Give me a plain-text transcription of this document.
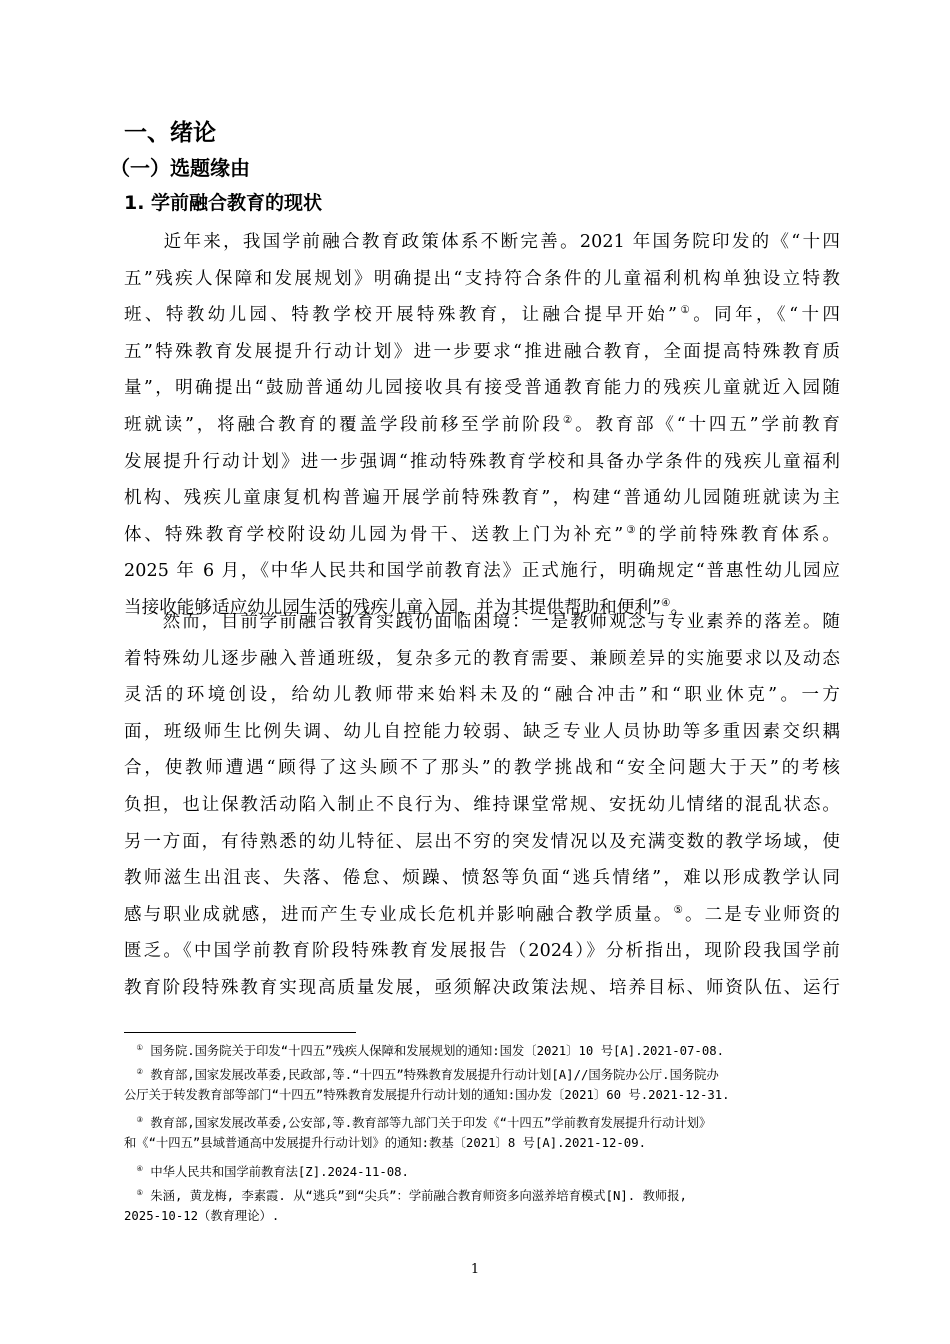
一、绪论
（一）选题缘由
1. 学前融合教育的现状
　　近年来，我国学前融合教育政策体系不断完善。2021 年国务院印发的《“十四
五”残疾人保障和发展规划》明确提出“支持符合条件的儿童福利机构单独设立特教
班、特教幼儿园、特教学校开展特殊教育，让融合提早开始”①。同年，《“十四
五”特殊教育发展提升行动计划》进一步要求“推进融合教育，全面提高特殊教育质
量”，明确提出“鼓励普通幼儿园接收具有接受普通教育能力的残疾儿童就近入园随
班就读”，将融合教育的覆盖学段前移至学前阶段②。教育部《“十四五”学前教育
发展提升行动计划》进一步强调“推动特殊教育学校和具备办学条件的残疾儿童福利
机构、残疾儿童康复机构普遍开展学前特殊教育”，构建“普通幼儿园随班就读为主
体、特殊教育学校附设幼儿园为骨干、送教上门为补充”③的学前特殊教育体系。
2025 年 6 月，《中华人民共和国学前教育法》正式施行，明确规定“普惠性幼儿园应
当接收能够适应幼儿园生活的残疾儿童入园，并为其提供帮助和便利”④。
　　然而，目前学前融合教育实践仍面临困境：一是教师观念与专业素养的落差。随
着特殊幼儿逐步融入普通班级，复杂多元的教育需要、兼顾差异的实施要求以及动态
灵活的环境创设，给幼儿教师带来始料未及的“融合冲击”和“职业休克”。一方
面，班级师生比例失调、幼儿自控能力较弱、缺乏专业人员协助等多重因素交织耦
合，使教师遭遇“顾得了这头顾不了那头”的教学挑战和“安全问题大于天”的考核
负担，也让保教活动陷入制止不良行为、维持课堂常规、安抚幼儿情绪的混乱状态。
另一方面，有待熟悉的幼儿特征、层出不穷的突发情况以及充满变数的教学场域，使
教师滋生出沮丧、失落、倦怠、烦躁、愤怒等负面“逃兵情绪”，难以形成教学认同
感与职业成就感，进而产生专业成长危机并影响融合教学质量。⑤。二是专业师资的
匮乏。《中国学前教育阶段特殊教育发展报告（2024）》分析指出，现阶段我国学前
教育阶段特殊教育实现高质量发展，亟须解决政策法规、培养目标、师资队伍、运行
　① 国务院.国务院关于印发“十四五”残疾人保障和发展规划的通知:国发〔2021〕10 号[A].2021-07-08.
　② 教育部,国家发展改革委,民政部,等.“十四五”特殊教育发展提升行动计划[A]//国务院办公厅.国务院办
公厅关于转发教育部等部门“十四五”特殊教育发展提升行动计划的通知:国办发〔2021〕60 号.2021-12-31.
　③ 教育部,国家发展改革委,公安部,等.教育部等九部门关于印发《“十四五”学前教育发展提升行动计划》
和《“十四五”县域普通高中发展提升行动计划》的通知:教基〔2021〕8 号[A].2021-12-09.
　④ 中华人民共和国学前教育法[Z].2024-11-08.
　⑤ 朱涵, 黄龙梅, 李素霞. 从“逃兵”到“尖兵”：学前融合教育师资多向滋养培育模式[N]. 教师报,
2025-10-12（教育理论）.
1
